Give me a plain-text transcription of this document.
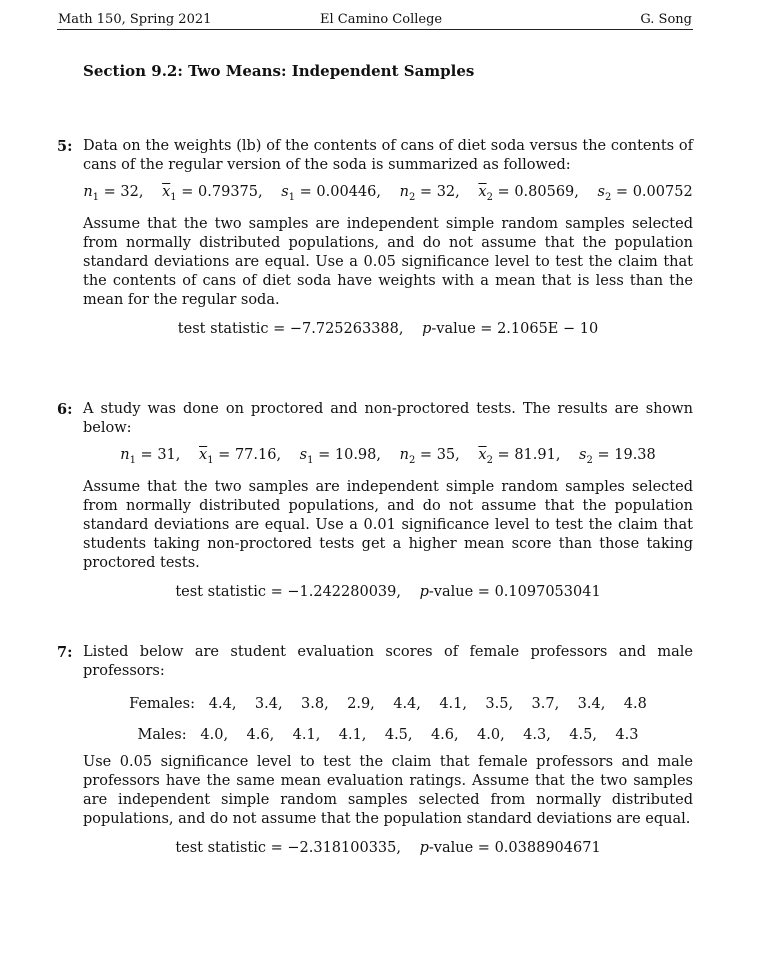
Math 150, Spring 2021	El Camino College	G. Song
Section 9.2: Two Means: Independent Samples
5: Data on the weights (lb) of the contents of cans of diet soda versus the contents of cans of the regular version of the soda is summarized as followed:
$n_1 = 32$, $\overline{x}_1 = 0.79375$, $s_1 = 0.00446$, $n_2 = 32$, $\overline{x}_2 = 0.80569$, $s_2 = 0.00752$
Assume that the two samples are independent simple random samples selected from normally distributed populations, and do not assume that the population standard deviations are equal. Use a 0.05 significance level to test the claim that the contents of cans of diet soda have weights with a mean that is less than the mean for the regular soda.
test statistic = −7.725263388, p-value = 2.1065E − 10
6: A study was done on proctored and non-proctored tests. The results are shown below:
$n_1 = 31$, $\overline{x}_1 = 77.16$, $s_1 = 10.98$, $n_2 = 35$, $\overline{x}_2 = 81.91$, $s_2 = 19.38$
Assume that the two samples are independent simple random samples selected from normally distributed populations, and do not assume that the population standard deviations are equal. Use a 0.01 significance level to test the claim that students taking non-proctored tests get a higher mean score than those taking proctored tests.
test statistic = −1.242280039, p-value = 0.1097053041
7: Listed below are student evaluation scores of female professors and male professors:
Females: 4.4,    3.4,    3.8,    2.9,    4.4,    4.1,    3.5,    3.7,    3.4,    4.8
Males: 4.0,    4.6,    4.1,    4.1,    4.5,    4.6,    4.0,    4.3,    4.5,    4.3
Use 0.05 significance level to test the claim that female professors and male professors have the same mean evaluation ratings. Assume that the two samples are independent simple random samples selected from normally distributed populations, and do not assume that the population standard deviations are equal.
test statistic = −2.318100335, p-value = 0.0388904671
